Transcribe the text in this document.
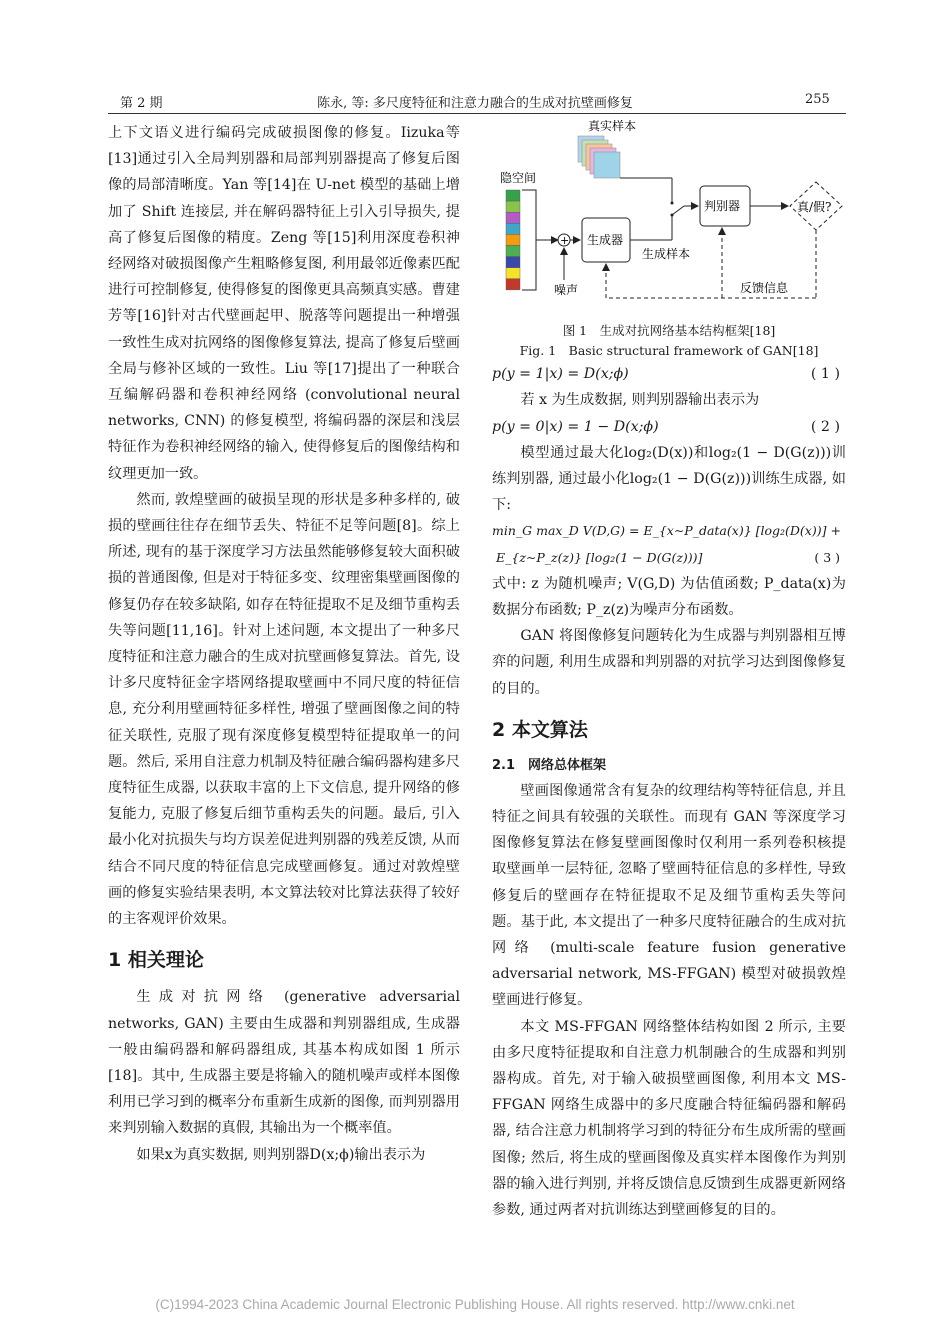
第 2 期	陈永, 等: 多尺度特征和注意力融合的生成对抗壁画修复	255

上下文语义进行编码完成破损图像的修复。Iizuka等[13]通过引入全局判别器和局部判别器提高了修复后图像的局部清晰度。Yan 等[14]在 U-net 模型的基础上增加了 Shift 连接层, 并在解码器特征上引入引导损失, 提高了修复后图像的精度。Zeng 等[15]利用深度卷积神经网络对破损图像产生粗略修复图, 利用最邻近像素匹配进行可控制修复, 使得修复的图像更具高频真实感。曹建芳等[16]针对古代壁画起甲、脱落等问题提出一种增强一致性生成对抗网络的图像修复算法, 提高了修复后壁画全局与修补区域的一致性。Liu 等[17]提出了一种联合互编解码器和卷积神经网络 (convolutional neural networks, CNN) 的修复模型, 将编码器的深层和浅层特征作为卷积神经网络的输入, 使得修复后的图像结构和纹理更加一致。

然而, 敦煌壁画的破损呈现的形状是多种多样的, 破损的壁画往往存在细节丢失、特征不足等问题[8]。综上所述, 现有的基于深度学习方法虽然能够修复较大面积破损的普通图像, 但是对于特征多变、纹理密集壁画图像的修复仍存在较多缺陷, 如存在特征提取不足及细节重构丢失等问题[11,16]。针对上述问题, 本文提出了一种多尺度特征和注意力融合的生成对抗壁画修复算法。首先, 设计多尺度特征金字塔网络提取壁画中不同尺度的特征信息, 充分利用壁画特征多样性, 增强了壁画图像之间的特征关联性, 克服了现有深度修复模型特征提取单一的问题。然后, 采用自注意力机制及特征融合编码器构建多尺度特征生成器, 以获取丰富的上下文信息, 提升网络的修复能力, 克服了修复后细节重构丢失的问题。最后, 引入最小化对抗损失与均方误差促进判别器的残差反馈, 从而结合不同尺度的特征信息完成壁画修复。通过对敦煌壁画的修复实验结果表明, 本文算法较对比算法获得了较好的主客观评价效果。

1 相关理论

生成对抗网络 (generative adversarial networks, GAN) 主要由生成器和判别器组成, 生成器一般由编码器和解码器组成, 其基本构成如图 1 所示[18]。其中, 生成器主要是将输入的随机噪声或样本图像利用已学习到的概率分布重新生成新的图像, 而判别器用来判别输入数据的真假, 其输出为一个概率值。

如果x为真实数据, 则判别器D(x;ϕ)输出表示为

真实样本
隐空间
+
噪声
生成器
生成样本
判别器	真/假?
反馈信息
图 1　生成对抗网络基本结构框架[18]
Fig. 1　Basic structural framework of GAN[18]
p(y = 1|x) = D(x;ϕ)	( 1 )

若 x 为生成数据, 则判别器输出表示为

p(y = 0|x) = 1 − D(x;ϕ)	( 2 )

模型通过最大化log₂(D(x))和log₂(1 − D(G(z)))训练判别器, 通过最小化log₂(1 − D(G(z)))训练生成器, 如下:

min_G max_D V(D,G) = E_{x∼P_data(x)} [log₂(D(x))] +
E_{z∼P_z(z)} [log₂(1 − D(G(z)))]	( 3 )

式中: z 为随机噪声; V(G,D) 为估值函数; P_data(x)为数据分布函数; P_z(z)为噪声分布函数。

GAN 将图像修复问题转化为生成器与判别器相互博弈的问题, 利用生成器和判别器的对抗学习达到图像修复的目的。

2 本文算法
2.1　网络总体框架

壁画图像通常含有复杂的纹理结构等特征信息, 并且特征之间具有较强的关联性。而现有 GAN 等深度学习图像修复算法在修复壁画图像时仅利用一系列卷积核提取壁画单一层特征, 忽略了壁画特征信息的多样性, 导致修复后的壁画存在特征提取不足及细节重构丢失等问题。基于此, 本文提出了一种多尺度特征融合的生成对抗网络 (multi-scale feature fusion generative adversarial network, MS-FFGAN) 模型对破损敦煌壁画进行修复。

本文 MS-FFGAN 网络整体结构如图 2 所示, 主要由多尺度特征提取和自注意力机制融合的生成器和判别器构成。首先, 对于输入破损壁画图像, 利用本文 MS-FFGAN 网络生成器中的多尺度融合特征编码器和解码器, 结合注意力机制将学习到的特征分布生成所需的壁画图像; 然后, 将生成的壁画图像及真实样本图像作为判别器的输入进行判别, 并将反馈信息反馈到生成器更新网络参数, 通过两者对抗训练达到壁画修复的目的。

(C)1994-2023 China Academic Journal Electronic Publishing House. All rights reserved. http://www.cnki.net
